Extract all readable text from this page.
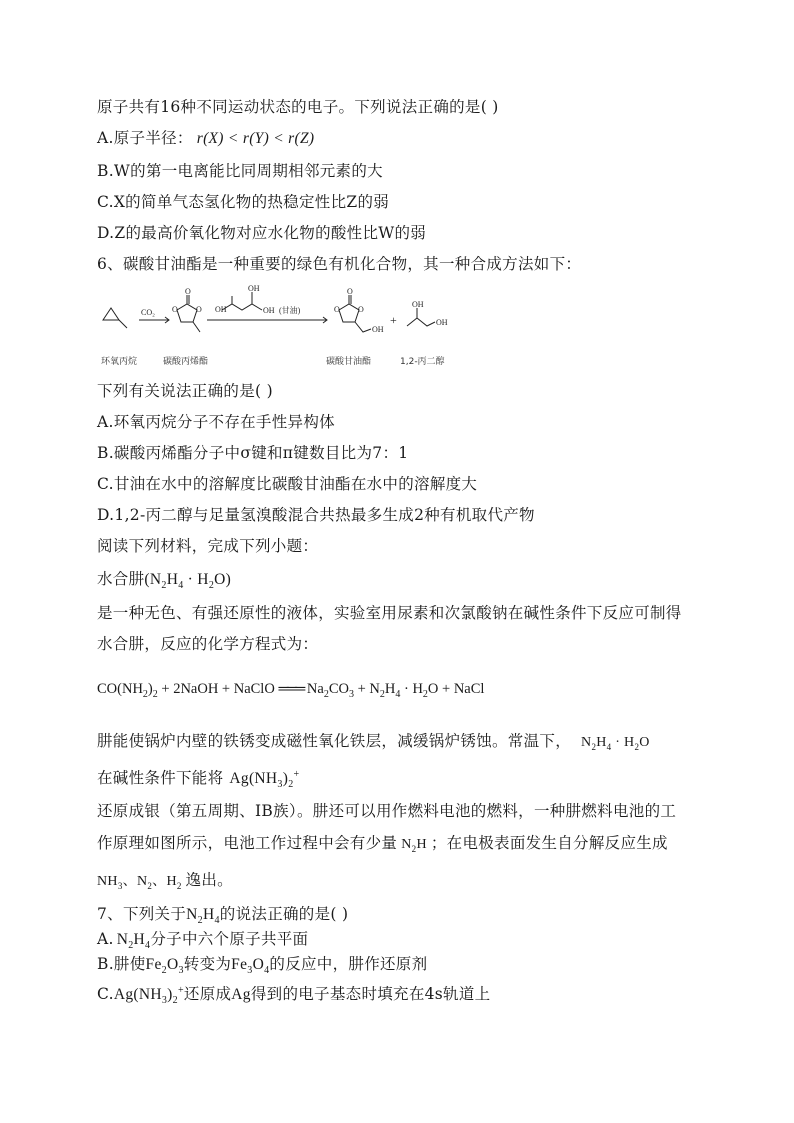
原子共有16种不同运动状态的电子。下列说法正确的是( )
A.原子半径： r(X) < r(Y) < r(Z)
B.W的第一电离能比同周期相邻元素的大
C.X的简单气态氢化物的热稳定性比Z的弱
D.Z的最高价氧化物对应水化物的酸性比W的弱
6、碳酸甘油酯是一种重要的绿色有机化合物，其一种合成方法如下：
CO₂
O
O O OH
OH
OH (甘油)
O
O O
OH
+
OH
OH
环氧丙烷	碳酸丙烯酯	碳酸甘油酯	1,2-丙二醇
下列有关说法正确的是( )
A.环氧丙烷分子不存在手性异构体
B.碳酸丙烯酯分子中σ键和π键数目比为7：1
C.甘油在水中的溶解度比碳酸甘油酯在水中的溶解度大
D.1,2-丙二醇与足量氢溴酸混合共热最多生成2种有机取代产物
阅读下列材料，完成下列小题：
水合肼$(N_2H_4 \cdot H_2O)$
是一种无色、有强还原性的液体，实验室用尿素和次氯酸钠在碱性条件下反应可制得
水合肼，反应的化学方程式为：
$CO(NH_2)_2$ + 2NaOH + NaClO ═══ $Na_2CO_3 + N_2H_4 \cdot H_2O$ + NaCl
肼能使锅炉内壁的铁锈变成磁性氧化铁层，减缓锅炉锈蚀。常温下， $N_2H_4 \cdot H_2O$
在碱性条件下能将 $Ag(NH_3)_2^+$
还原成银（第五周期、IB族）。肼还可以用作燃料电池的燃料，一种肼燃料电池的工
作原理如图所示，电池工作过程中会有少量 $N_2H$ ；在电极表面发生自分解反应生成
$NH_3$、$N_2$、$H_2$ 逸出。
7、下列关于$N_2H_4$的说法正确的是( )
A. $N_2H_4$分子中六个原子共平面
B.肼使$Fe_2O_3$转变为$Fe_3O_4$的反应中，肼作还原剂
$C.Ag(NH_3)_2^+$还原成Ag得到的电子基态时填充在4s轨道上
